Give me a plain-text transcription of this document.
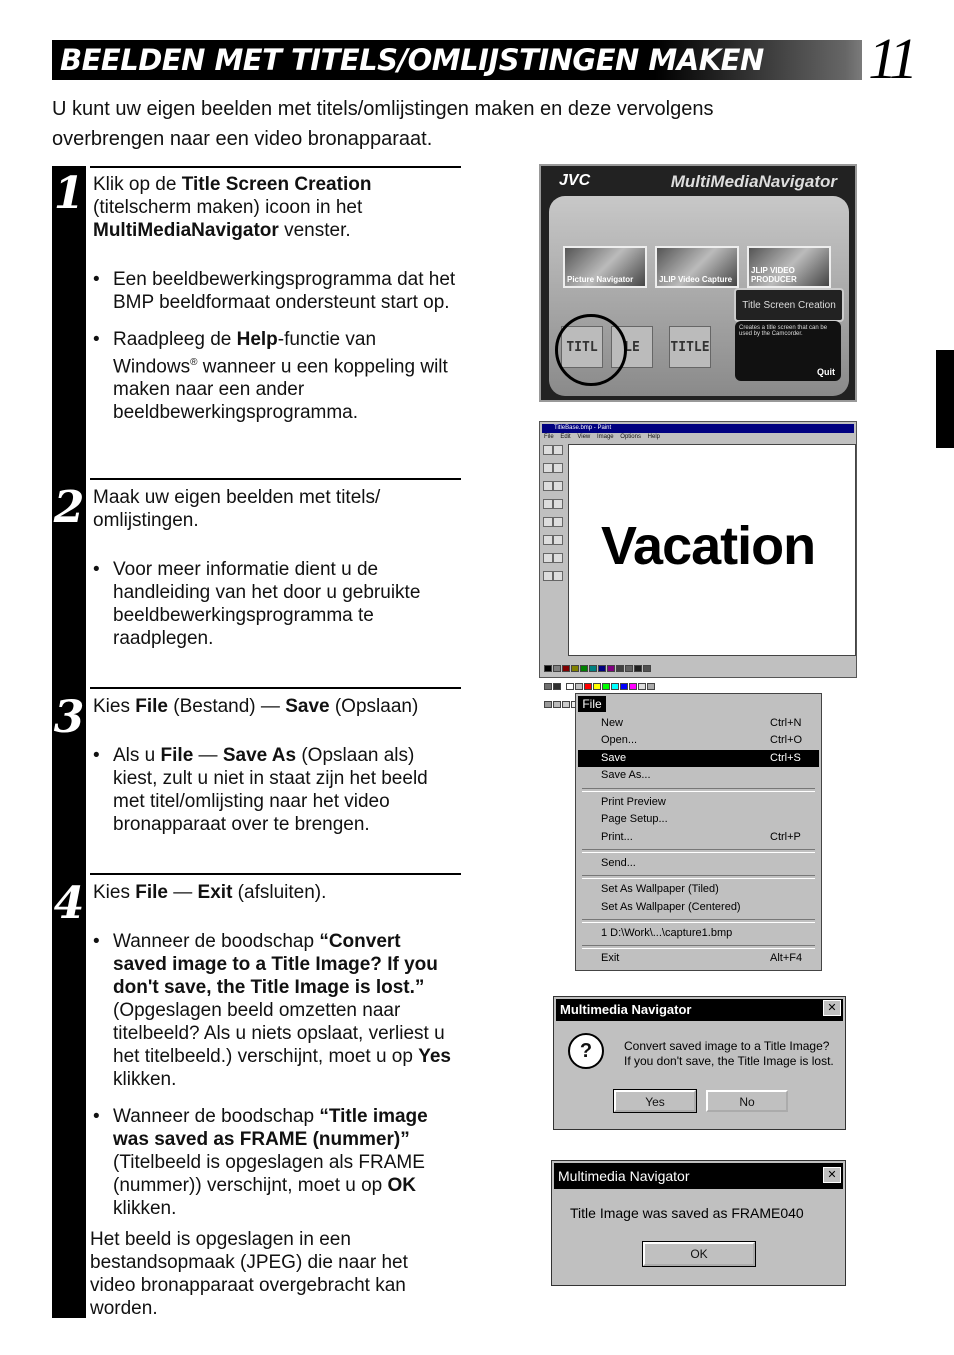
BEELDEN MET TITELS/OMLIJSTINGEN MAKEN 11
U kunt uw eigen beelden met titels/omlijstingen maken en deze vervolgens overbrengen naar een video bronapparaat.
1 Klik op de Title Screen Creation (titelscherm maken) icoon in het MultiMediaNavigator venster.

• Een beeldbewerkingsprogramma dat het BMP beeldformaat ondersteunt start op.
• Raadpleeg de Help-functie van Windows® wanneer u een koppeling wilt maken naar een ander beeldbewerkingsprogramma.
2 Maak uw eigen beelden met titels/ omlijstingen.

• Voor meer informatie dient u de handleiding van het door u gebruikte beeldbewerkingsprogramma te raadplegen.
3 Kies File (Bestand) — Save (Opslaan)

• Als u File — Save As (Opslaan als) kiest, zult u niet in staat zijn het beeld met titel/omlijsting naar het video bronapparaat over te brengen.
4 Kies File — Exit (afsluiten).

• Wanneer de boodschap “Convert saved image to a Title Image? If you don't save, the Title Image is lost.” (Opgeslagen beeld omzetten naar titelbeeld? Als u niets opslaat, verliest u het titelbeeld.) verschijnt, moet u op Yes klikken.
• Wanneer de boodschap “Title image was saved as FRAME (nummer)” (Titelbeeld is opgeslagen als FRAME (nummer)) verschijnt, moet u op OK klikken.
Het beeld is opgeslagen in een bestandsopmaak (JPEG) die naar het video bronapparaat overgebracht kan worden.
JVC	MultiMediaNavigator
Picture Navigator	JLIP Video Capture
JLIP VIDEO PRODUCER
Title Screen Creation
TITL	LE	TITLE
Creates a title screen that can be used by the Camcorder.
Quit
TitleBase.bmp - Paint
File Edit View Image Options Help

Vacation

File
New	Ctrl+N
Open...	Ctrl+O
Save	Ctrl+S
Save As...
Print Preview
Page Setup...
Print...	Ctrl+P
Send...
Set As Wallpaper (Tiled)
Set As Wallpaper (Centered)
1 D:\Work\...\capture1.bmp
Exit	Alt+F4
Multimedia Navigator	✕
?	Convert saved image to a Title Image?
If you don't save, the Title Image is lost.
Yes	No
Multimedia Navigator	✕
Title Image was saved as FRAME040
OK
